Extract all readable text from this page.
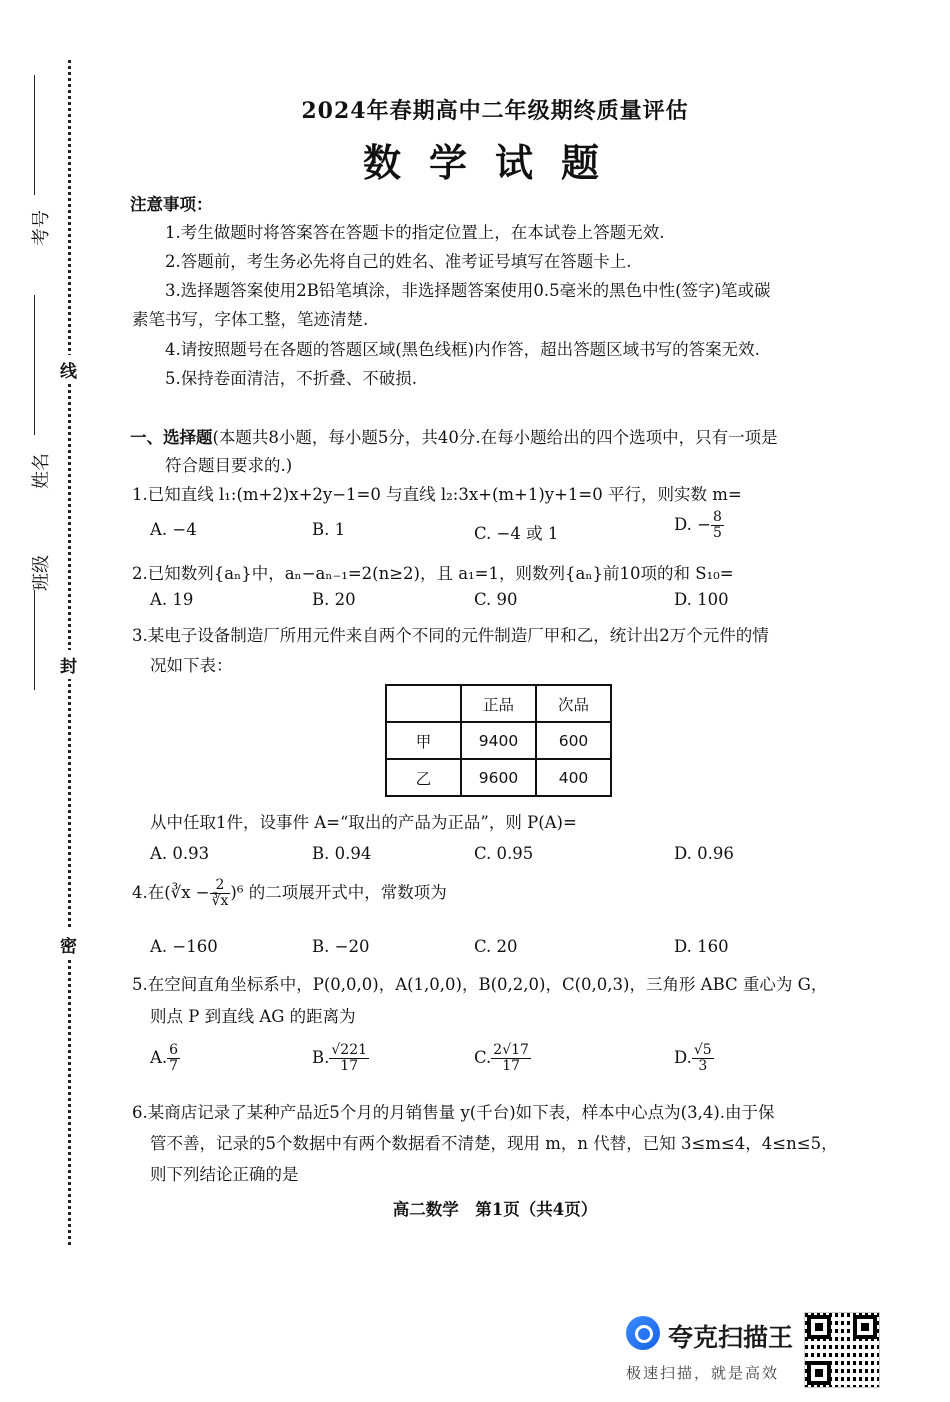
线
封
密
考号
姓名
班级
2024年春期高中二年级期终质量评估
数学试题
注意事项：
1.考生做题时将答案答在答题卡的指定位置上，在本试卷上答题无效.
2.答题前，考生务必先将自己的姓名、准考证号填写在答题卡上.
3.选择题答案使用2B铅笔填涂，非选择题答案使用0.5毫米的黑色中性(签字)笔或碳
素笔书写，字体工整，笔迹清楚.
4.请按照题号在各题的答题区域(黑色线框)内作答，超出答题区域书写的答案无效.
5.保持卷面清洁，不折叠、不破损.
一、选择题(本题共8小题，每小题5分，共40分.在每小题给出的四个选项中，只有一项是
符合题目要求的.)
1.已知直线 l₁:(m+2)x+2y−1=0 与直线 l₂:3x+(m+1)y+1=0 平行，则实数 m=
A. −4	B. 1	C. −4 或 1	D. − $\frac{8}{5}$
2.已知数列{aₙ}中，aₙ−aₙ₋₁=2(n≥2)，且 a₁=1，则数列{aₙ}前10项的和 S₁₀=
A. 19	B. 20	C. 90	D. 100
3.某电子设备制造厂所用元件来自两个不同的元件制造厂甲和乙，统计出2万个元件的情
况如下表：
	正品	次品
甲	9400	600
乙	9600	400
从中任取1件，设事件 A=“取出的产品为正品”，则 P(A)=
A. 0.93	B. 0.94	C. 0.95	D. 0.96
4.在(∛x − $\frac{2}{∛x} )^6$ 的二项展开式中，常数项为
A. −160	B. −20	C. 20	D. 160
5.在空间直角坐标系中，P(0,0,0)，A(1,0,0)，B(0,2,0)，C(0,0,3)，三角形 ABC 重心为 G，
则点 P 到直线 AG 的距离为
A. $\frac{6}{7}$	B. $\frac{√221}{17}$	C. $\frac{2√17}{17}$	D. $\frac{√5}{3}$
6.某商店记录了某种产品近5个月的月销售量 y(千台)如下表，样本中心点为(3,4).由于保
管不善，记录的5个数据中有两个数据看不清楚，现用 m，n 代替，已知 3≤m≤4，4≤n≤5，
则下列结论正确的是
高二数学　第1页（共4页）
夸克扫描王
极速扫描，就是高效
